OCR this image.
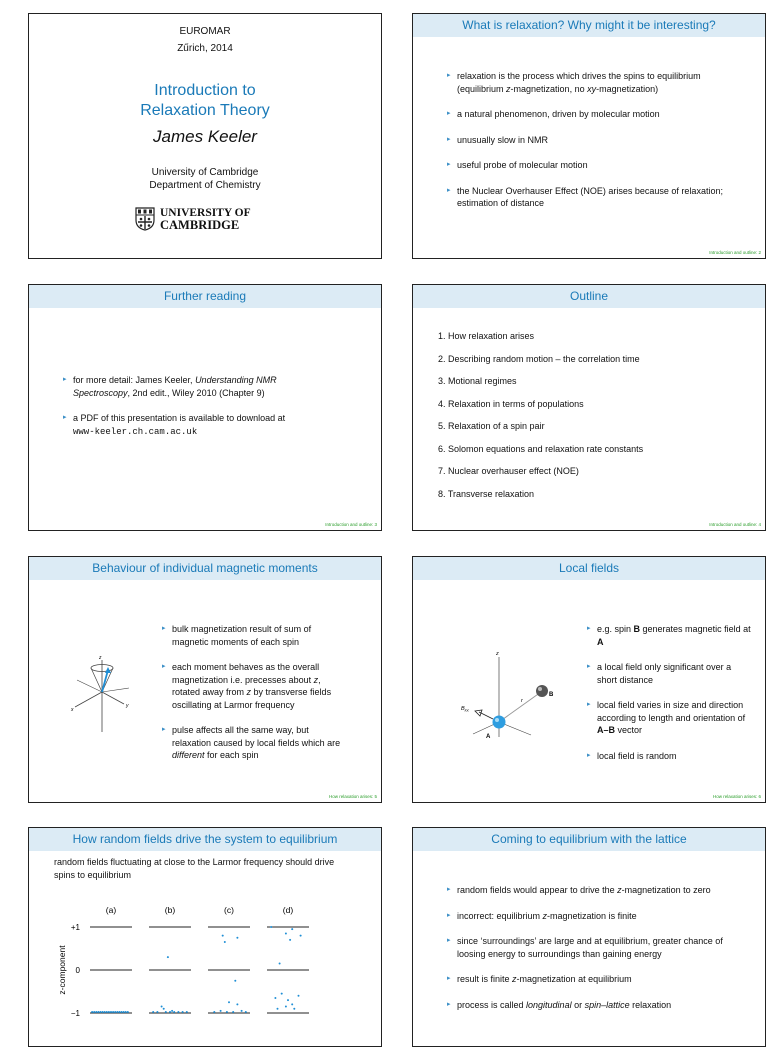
EUROMAR
Zűrich, 2014
Introduction to
Relaxation Theory
James Keeler
University of Cambridge
Department of Chemistry
UNIVERSITY OF
CAMBRIDGE
What is relaxation? Why might it be interesting?
▸ relaxation is the process which drives the spins to equilibrium (equilibrium z-magnetization, no xy-magnetization)
▸ a natural phenomenon, driven by molecular motion
▸ unusually slow in NMR
▸ useful probe of molecular motion
▸ the Nuclear Overhauser Effect (NOE) arises because of relaxation; estimation of distance
Introduction and outline: 2
Further reading
▸ for more detail: James Keeler, Understanding NMR Spectroscopy, 2nd edit., Wiley 2010 (Chapter 9)
▸ a PDF of this presentation is available to download at
www-keeler.ch.cam.ac.uk
Introduction and outline: 3
Outline
1. How relaxation arises
2. Describing random motion – the correlation time
3. Motional regimes
4. Relaxation in terms of populations
5. Relaxation of a spin pair
6. Solomon equations and relaxation rate constants
7. Nuclear overhauser effect (NOE)
8. Transverse relaxation
Introduction and outline: 4
Behaviour of individual magnetic moments
z
x
y
▸ bulk magnetization result of sum of magnetic moments of each spin
▸ each moment behaves as the overall magnetization i.e. precesses about z, rotated away from z by transverse fields oscillating at Larmor frequency
▸ pulse affects all the same way, but relaxation caused by local fields which are different for each spin
How relaxation arises: 5
Local fields
z
B
A
r
$B_{loc}$
▸ e.g. spin B generates magnetic field at A
▸ a local field only significant over a short distance
▸ local field varies in size and direction according to length and orientation of A–B vector
▸ local field is random
How relaxation arises: 6
How random fields drive the system to equilibrium
random fields fluctuating at close to the Larmor frequency should drive spins to equilibrium
z-component
+1
0
−1
(a)	(b)	(c)	(d)
Coming to equilibrium with the lattice
▸ random fields would appear to drive the z-magnetization to zero
▸ incorrect: equilibrium z-magnetization is finite
▸ since ‘surroundings’ are large and at equilibrium, greater chance of loosing energy to surroundings than gaining energy
▸ result is finite z-magnetization at equilibrium
▸ process is called longitudinal or spin–lattice relaxation
